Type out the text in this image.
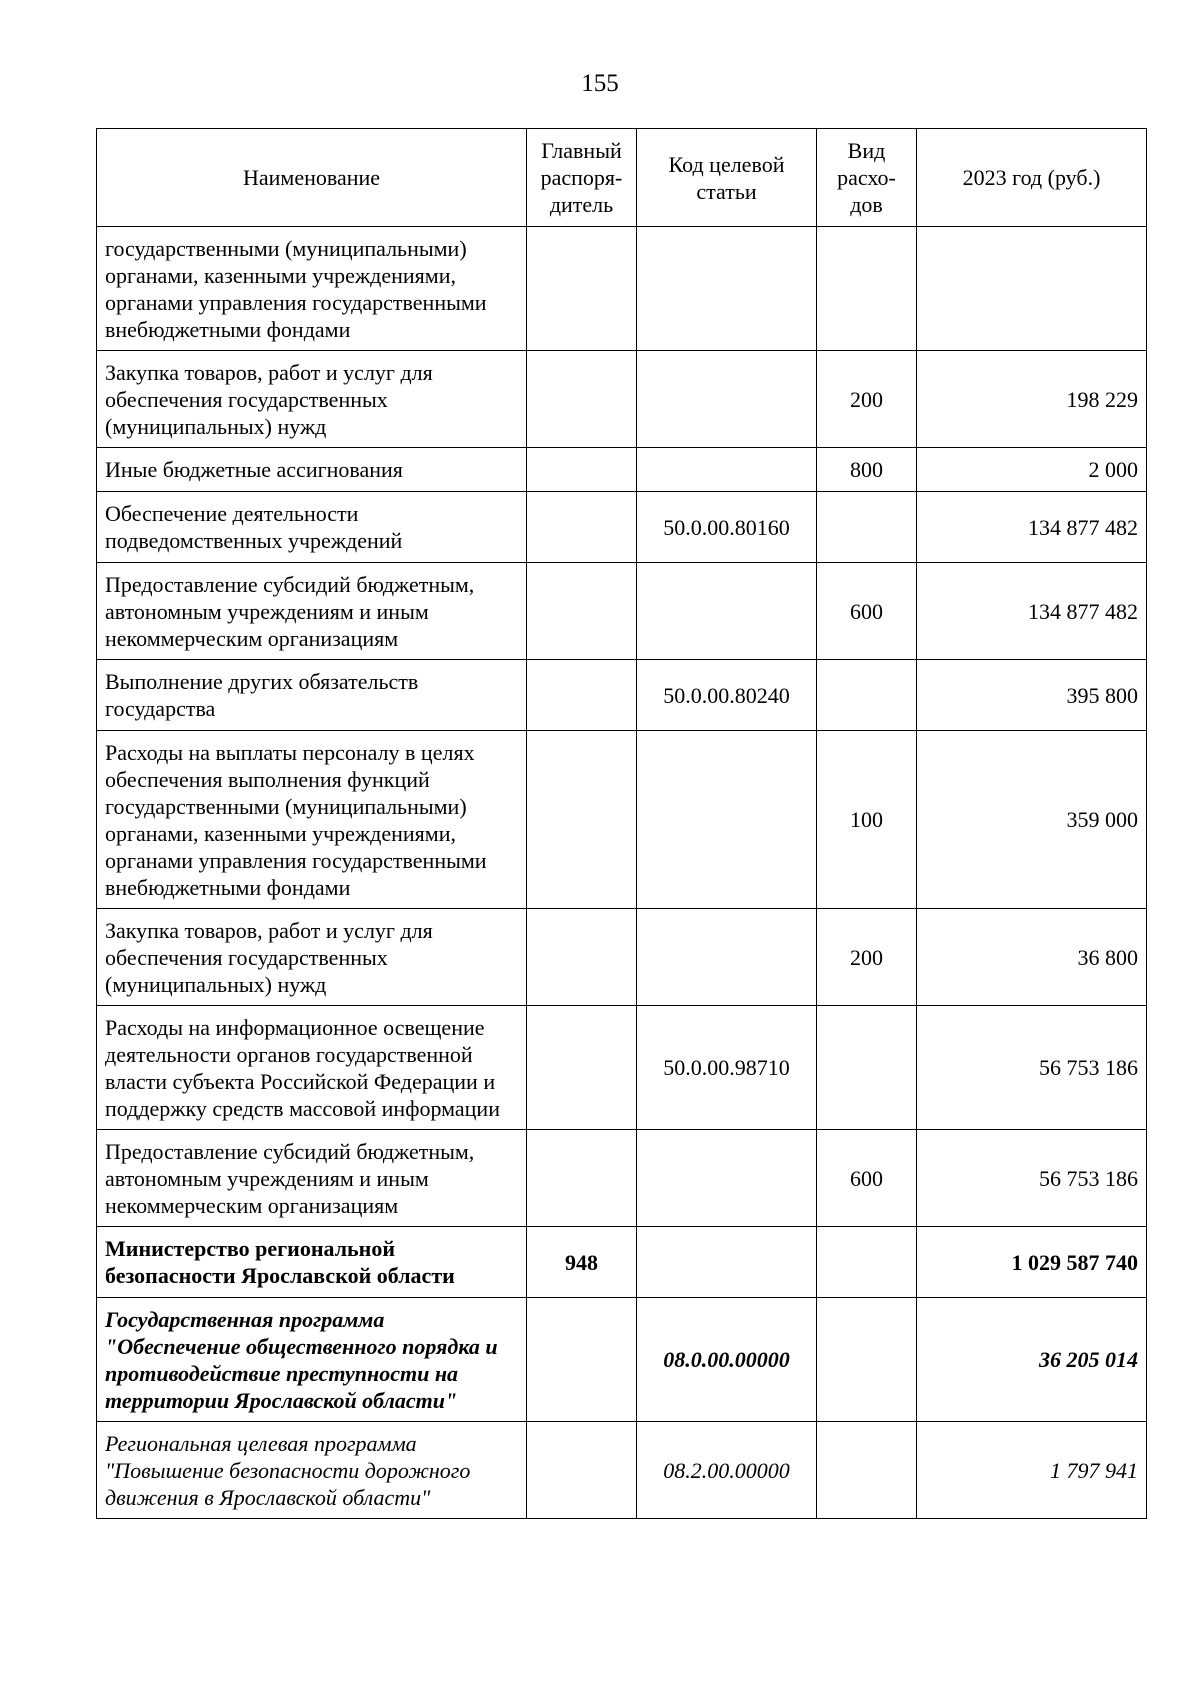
155
Наименование	Главный распоря-дитель	Код целевой статьи	Вид расхо-дов	2023 год (руб.)
государственными (муниципальными) органами, казенными учреждениями, органами управления государственными внебюджетными фондами				
Закупка товаров, работ и услуг для обеспечения государственных (муниципальных) нужд			200	198 229
Иные бюджетные ассигнования			800	2 000
Обеспечение деятельности подведомственных учреждений		50.0.00.80160		134 877 482
Предоставление субсидий бюджетным, автономным учреждениям и иным некоммерческим организациям			600	134 877 482
Выполнение других обязательств государства		50.0.00.80240		395 800
Расходы на выплаты персоналу в целях обеспечения выполнения функций государственными (муниципальными) органами, казенными учреждениями, органами управления государственными внебюджетными фондами			100	359 000
Закупка товаров, работ и услуг для обеспечения государственных (муниципальных) нужд			200	36 800
Расходы на информационное освещение деятельности органов государственной власти субъекта Российской Федерации и поддержку средств массовой информации		50.0.00.98710		56 753 186
Предоставление субсидий бюджетным, автономным учреждениям и иным некоммерческим организациям			600	56 753 186
Министерство региональной безопасности Ярославской области	948			1 029 587 740
Государственная программа "Обеспечение общественного порядка и противодействие преступности на территории Ярославской области"		08.0.00.00000		36 205 014
Региональная целевая программа "Повышение безопасности дорожного движения в Ярославской области"		08.2.00.00000		1 797 941
